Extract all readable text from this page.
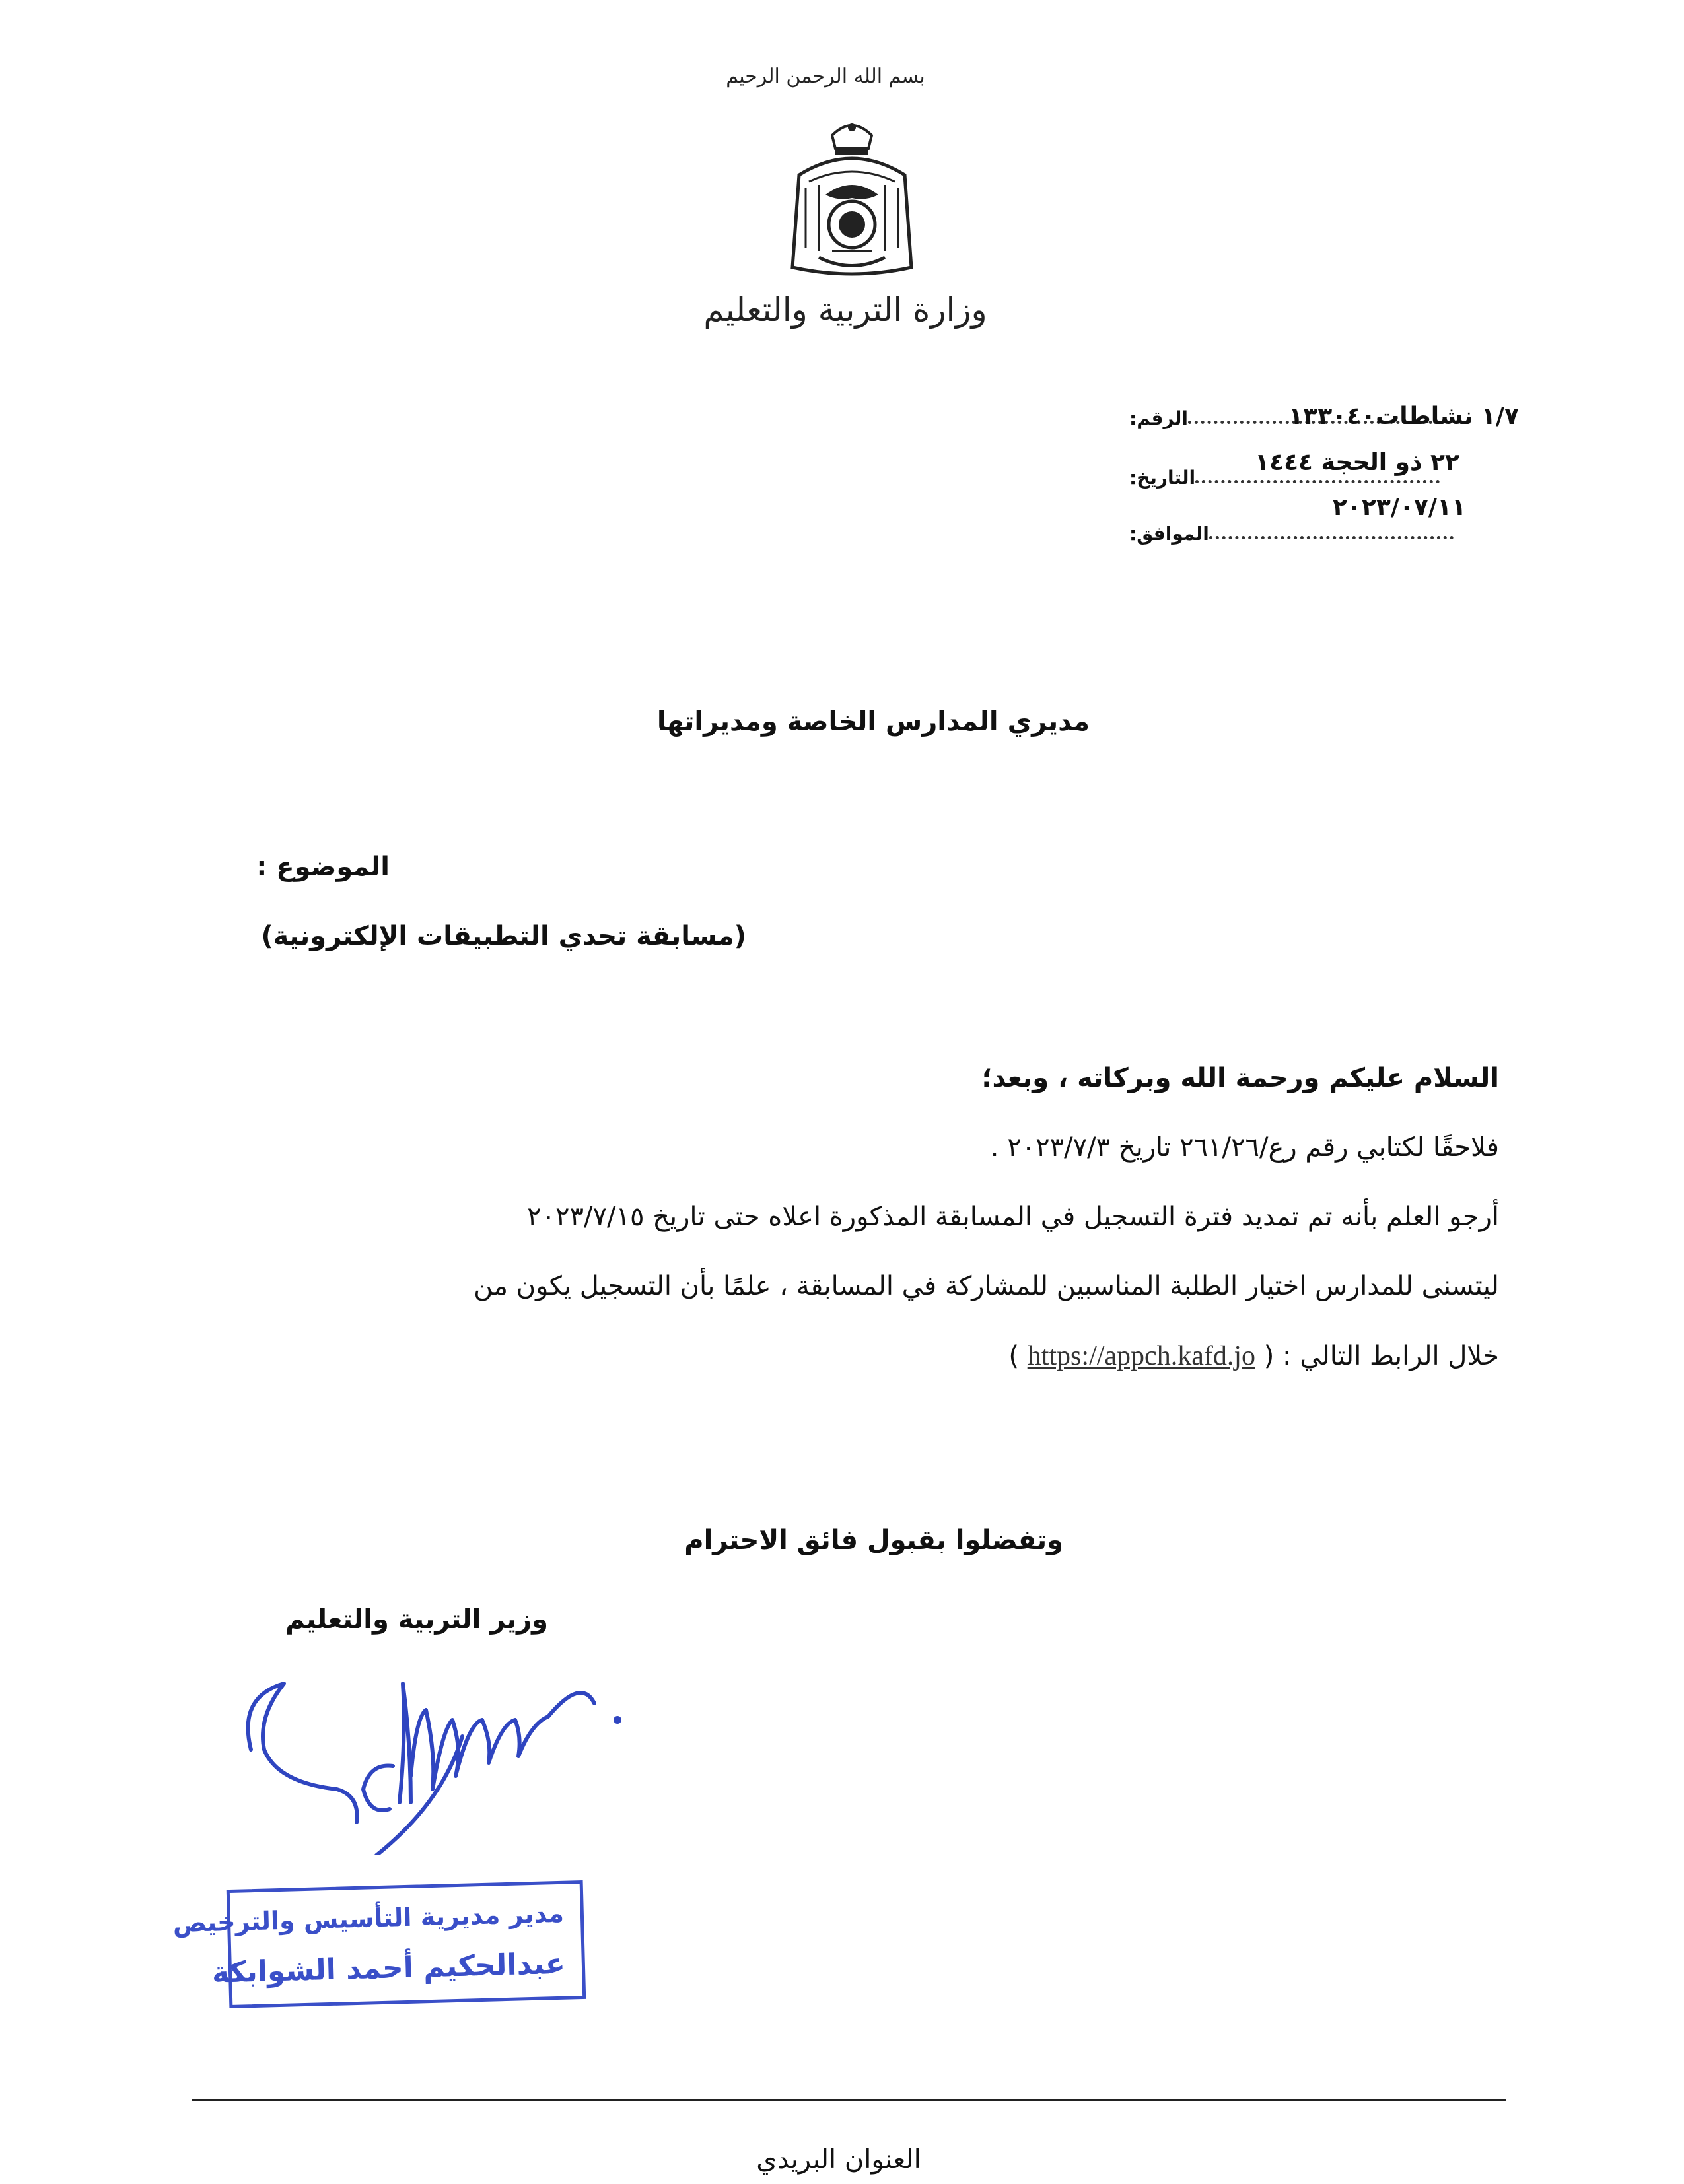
بسم الله الرحمن الرحيم
وزارة التربية والتعليم
الرقم:	١/٧ نشاطات١٣٣٠٤٠
التاريخ:
٢٢ ذو الحجة ١٤٤٤
الموافق:
٢٠٢٣/٠٧/١١
مديري المدارس الخاصة ومديراتها
الموضوع :
(مسابقة تحدي التطبيقات الإلكترونية)
السلام عليكم ورحمة الله وبركاته ، وبعد؛
فلاحقًا لكتابي رقم رع/٢٦١/٢٦ تاريخ ٢٠٢٣/٧/٣ .
أرجو العلم بأنه تم تمديد فترة التسجيل في المسابقة المذكورة اعلاه حتى تاريخ ٢٠٢٣/٧/١٥
ليتسنى للمدارس اختيار الطلبة المناسبين للمشاركة في المسابقة ، علمًا بأن التسجيل يكون من
خلال الرابط التالي : ( https://appch.kafd.jo )
وتفضلوا بقبول فائق الاحترام
وزير التربية والتعليم
مدير مديرية التأسيس والترخيص
عبدالحكيم أحمد الشوابكة
العنوان البريدي
